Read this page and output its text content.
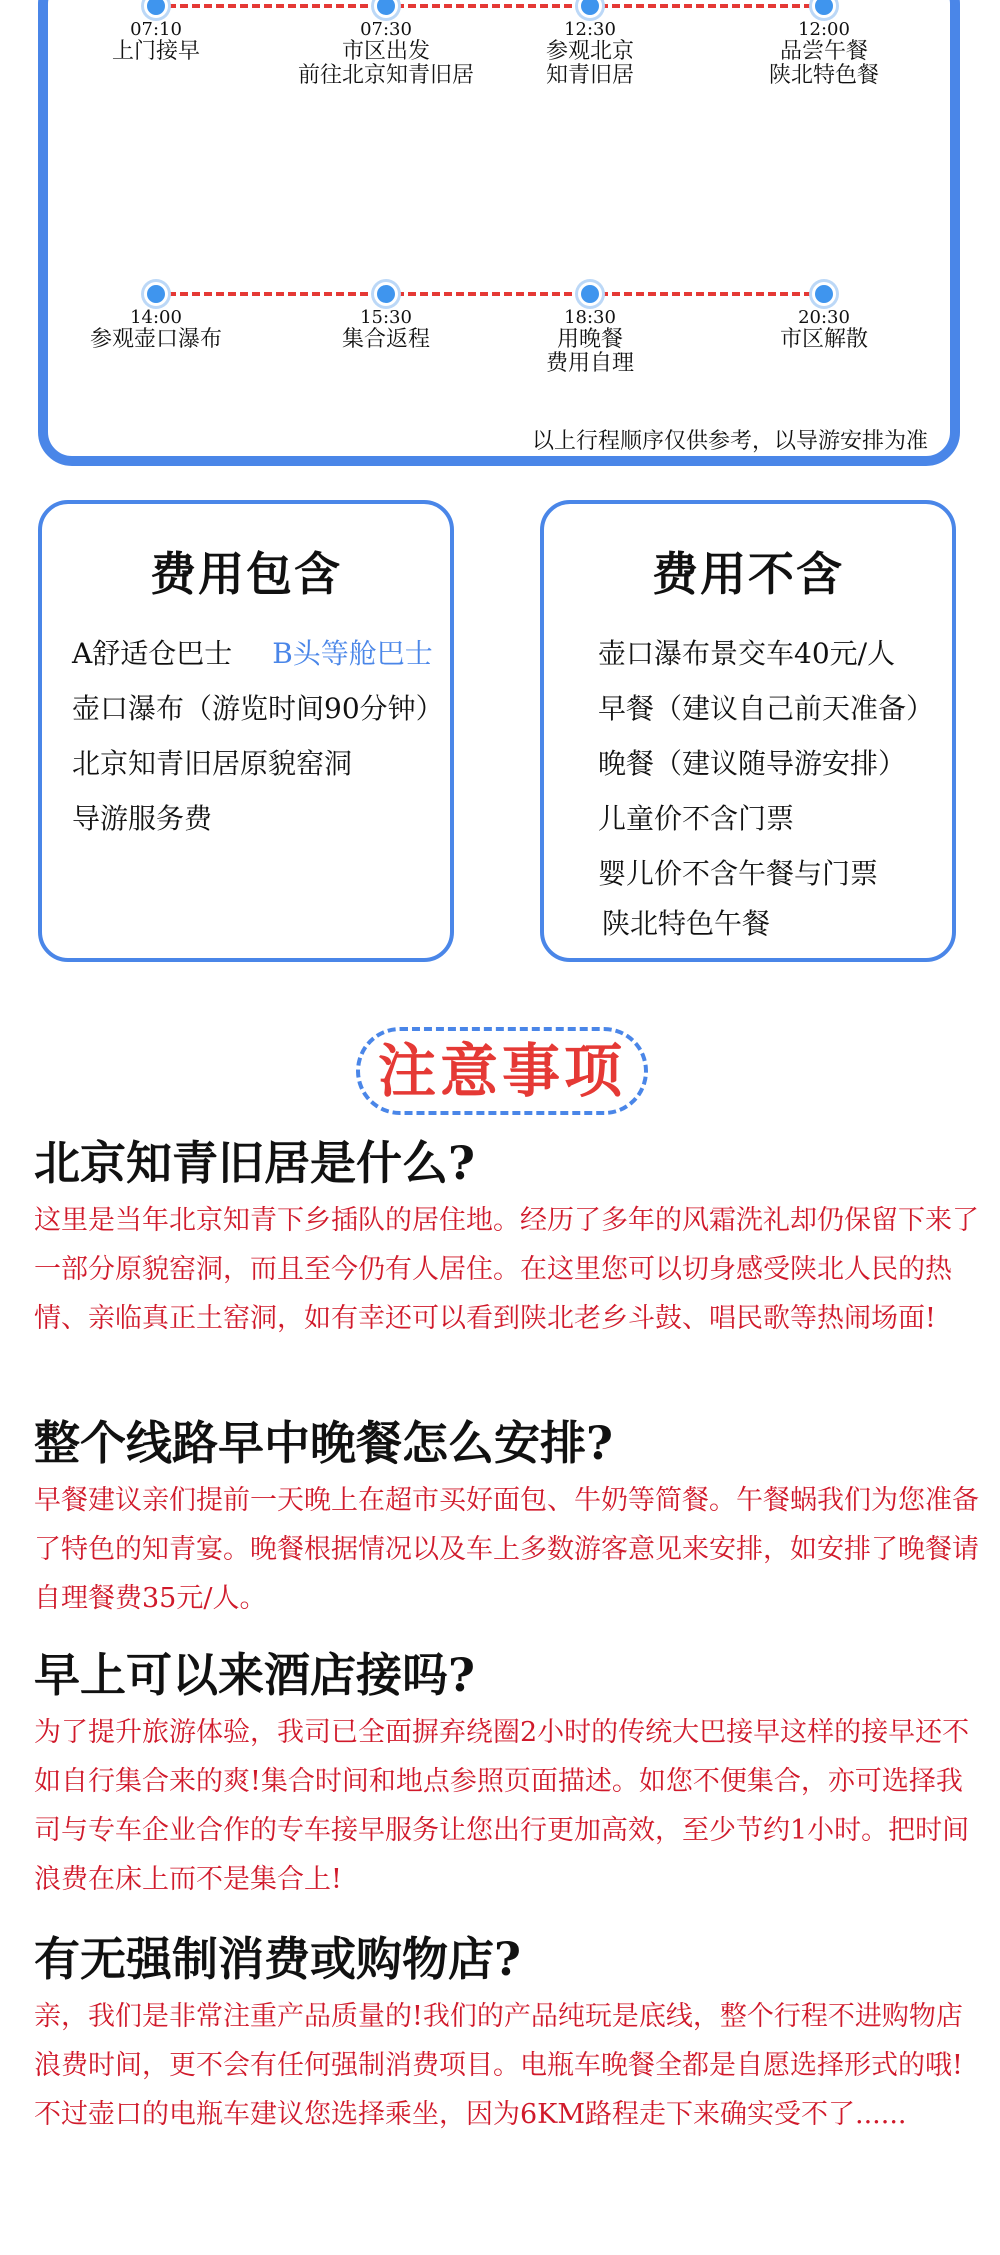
07:10
上门接早
07:30
市区出发
前往北京知青旧居
12:30
参观北京
知青旧居
12:00
品尝午餐
陕北特色餐
14:00
参观壶口瀑布
15:30
集合返程
18:30
用晚餐
费用自理
20:30
市区解散
以上行程顺序仅供参考，以导游安排为准
费用包含
A舒适仓巴士 B头等舱巴士
壶口瀑布（游览时间90分钟）
北京知青旧居原貌窑洞
导游服务费
费用不含
壶口瀑布景交车40元/人
早餐（建议自己前天准备）
晚餐（建议随导游安排）
儿童价不含门票
婴儿价不含午餐与门票
陕北特色午餐
注意事项
北京知青旧居是什么?
这里是当年北京知青下乡插队的居住地。经历了多年的风霜洗礼却仍保留下来了一部分原貌窑洞，而且至今仍有人居住。在这里您可以切身感受陕北人民的热情、亲临真正土窑洞，如有幸还可以看到陕北老乡斗鼓、唱民歌等热闹场面!
整个线路早中晚餐怎么安排?
早餐建议亲们提前一天晚上在超市买好面包、牛奶等简餐。午餐蜗我们为您准备了特色的知青宴。晚餐根据情况以及车上多数游客意见来安排，如安排了晚餐请自理餐费35元/人。
早上可以来酒店接吗?
为了提升旅游体验，我司已全面摒弃绕圈2小时的传统大巴接早这样的接早还不如自行集合来的爽!集合时间和地点参照页面描述。如您不便集合，亦可选择我司与专车企业合作的专车接早服务让您出行更加高效，至少节约1小时。把时间浪费在床上而不是集合上!
有无强制消费或购物店?
亲，我们是非常注重产品质量的!我们的产品纯玩是底线，整个行程不进购物店浪费时间，更不会有任何强制消费项目。电瓶车晚餐全都是自愿选择形式的哦!不过壶口的电瓶车建议您选择乘坐，因为6KM路程走下来确实受不了......
